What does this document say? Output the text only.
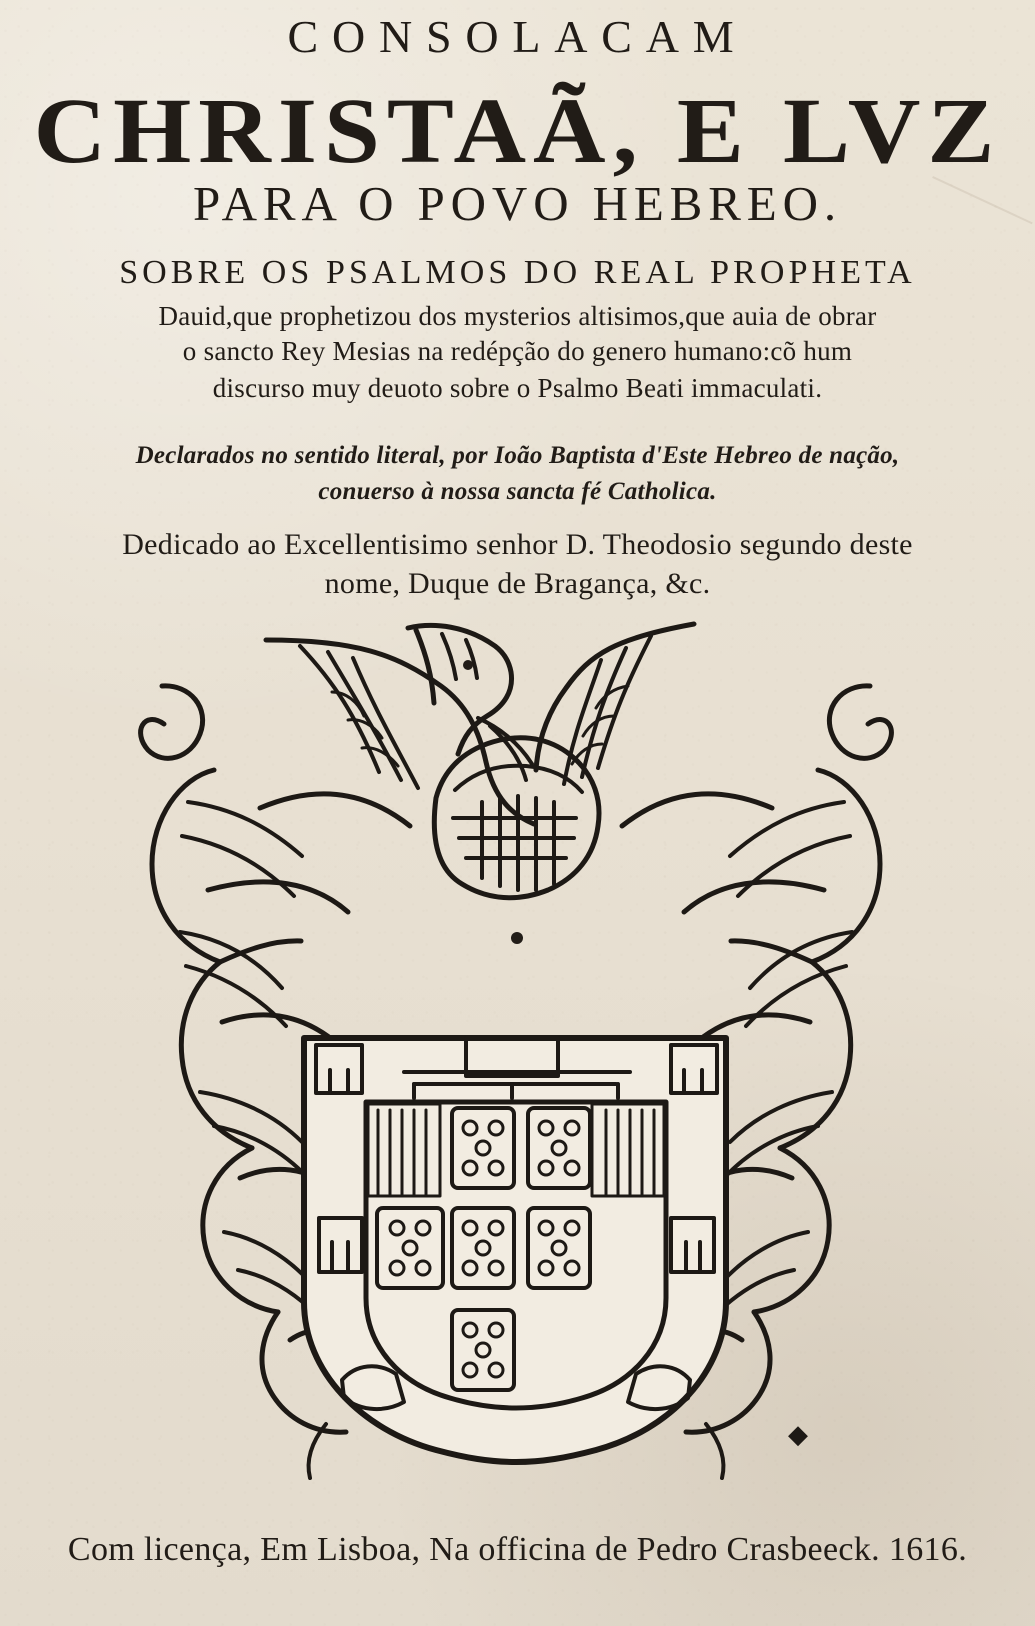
CONSOLACAM
CHRISTAÃ, E LVZ
PARA O POVO HEBREO.
SOBRE OS PSALMOS DO REAL PROPHETA
Dauid,que prophetizou dos mysterios altisimos,que auia de obrar
o sancto Rey Mesias na redépção do genero humano:cõ hum
discurso muy deuoto sobre o Psalmo Beati immaculati.
Declarados no sentido literal, por Ioão Baptista d'Este Hebreo de nação,
conuerso à nossa sancta fé Catholica.
Dedicado ao Excellentisimo senhor D. Theodosio segundo deste
nome, Duque de Bragança, &c.
◆
Com licença, Em Lisboa, Na officina de Pedro Crasbeeck. 1616.
